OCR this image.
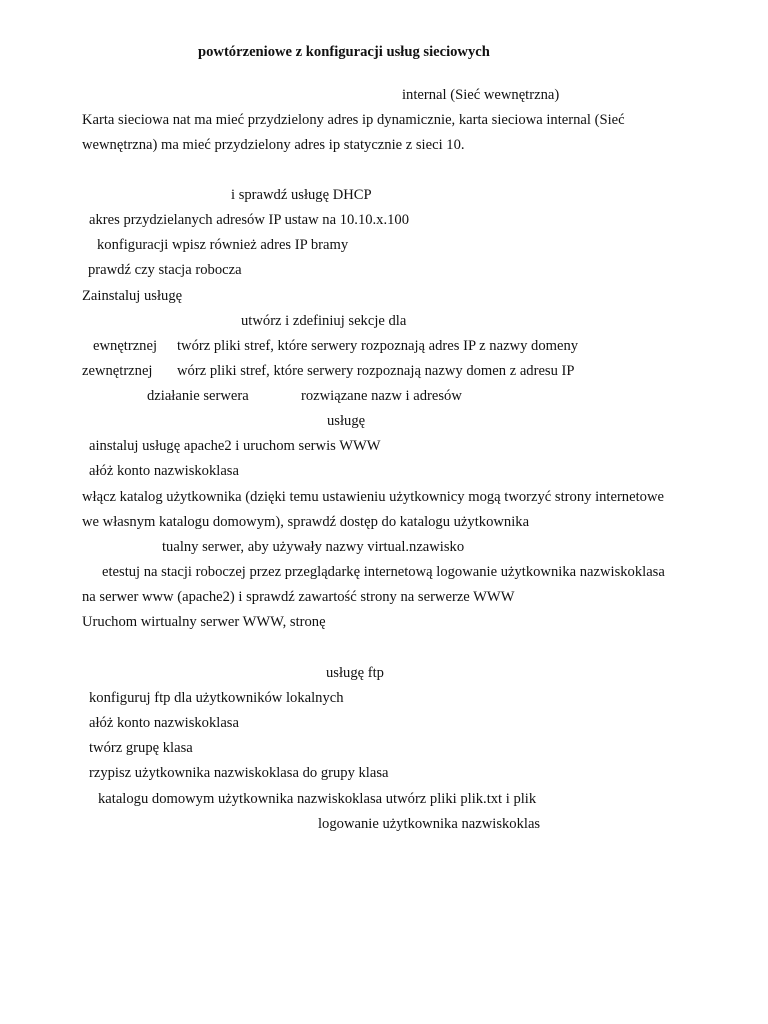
powtórzeniowe z konfiguracji usług sieciowych
internal (Sieć wewnętrzna)
Karta sieciowa nat ma mieć przydzielony adres ip dynamicznie, karta sieciowa internal (Sieć
wewnętrzna) ma mieć przydzielony adres ip statycznie z sieci 10.
i sprawdź usługę DHCP
akres przydzielanych adresów IP ustaw na 10.10.x.100
konfiguracji wpisz również adres IP bramy
prawdź czy stacja robocza
Zainstaluj usługę
utwórz i zdefiniuj sekcje dla
ewnętrznej twórz pliki stref, które serwery rozpoznają adres IP z nazwy domeny
zewnętrznej wórz pliki stref, które serwery rozpoznają nazwy domen z adresu IP
działanie serwera	rozwiązane nazw i adresów
usługę
ainstaluj usługę apache2 i uruchom serwis WWW
ałóż konto nazwiskoklasa
włącz katalog użytkownika (dzięki temu ustawieniu użytkownicy mogą tworzyć strony internetowe
we własnym katalogu domowym), sprawdź dostęp do katalogu użytkownika
tualny serwer, aby używały nazwy virtual.nzawisko
etestuj na stacji roboczej przez przeglądarkę internetową logowanie użytkownika nazwiskoklasa
na serwer www (apache2) i sprawdź zawartość strony na serwerze WWW
Uruchom wirtualny serwer WWW, stronę
usługę ftp
konfiguruj ftp dla użytkowników lokalnych
ałóż konto nazwiskoklasa
twórz grupę klasa
rzypisz użytkownika nazwiskoklasa do grupy klasa
katalogu domowym użytkownika nazwiskoklasa utwórz pliki plik.txt i plik
logowanie użytkownika nazwiskoklas
